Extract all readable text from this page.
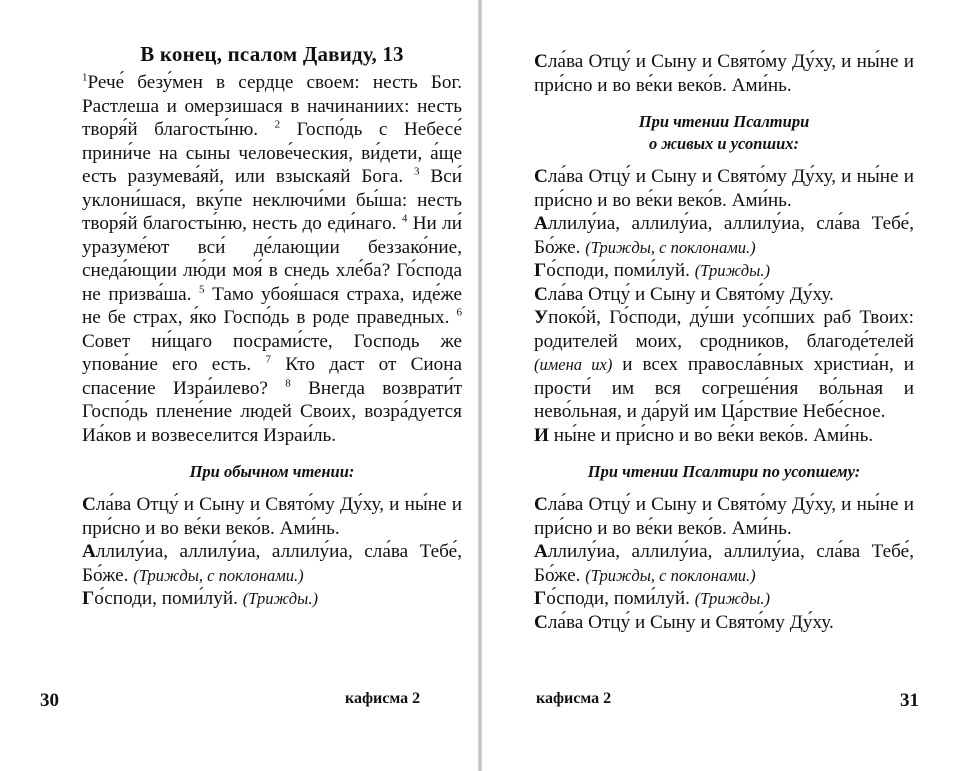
В конец, псалом Давиду, 13

$^1$Рече́ безу́мен в сердце своем: несть Бог. Растлеша и омерзишася в начинаниих: несть творя́й благосты́ню. $^2$ Госпо́дь с Небесе́ прини́че на сыны челове́ческия, ви́дети, а́ще есть разумева́яй, или взыскаяй Бога. $^3$ Вси́ уклони́шася, вку́пе неключи́ми бы́ша: несть творя́й благосты́ню, несть до еди́нагo. $^4$ Ни ли́ уразуме́ют вси́ де́лающии беззако́ние, снеда́ющии лю́ди моя́ в снедь хле́ба? Го́спода не призва́ша. $^5$ Тамо убоя́шася страха, иде́же не бе страх, я́ко Госпо́дь в роде праведных. $^6$ Совет ни́щаго посрами́сте, Господь же упова́ние его есть. $^7$ Кто даст от Сиона спасение Изра́илево? $^8$ Внегда возврати́т Госпо́дь плене́ние людей Своих, возра́дуется Иа́ков и возвеселится Израи́ль.

При обычном чтении:

Сла́ва Отцу́ и Сыну и Свято́му Ду́ху, и ны́не и при́сно и во ве́ки веко́в. Ами́нь.

Аллилу́иа, аллилу́иа, аллилу́иа, сла́ва Тебе́, Бо́же. (Трижды, с поклонами.)

Го́споди, поми́луй. (Трижды.)

30	кафисма 2

Сла́ва Отцу́ и Сыну и Свято́му Ду́ху, и ны́не и при́сно и во ве́ки веко́в. Ами́нь.

При чтении Псалтири
о живых и усопших:

Сла́ва Отцу́ и Сыну и Свято́му Ду́ху, и ны́не и при́сно и во ве́ки веко́в. Ами́нь.

Аллилу́иа, аллилу́иа, аллилу́иа, сла́ва Тебе́, Бо́же. (Трижды, с поклонами.)

Го́споди, поми́луй. (Трижды.)

Сла́ва Отцу́ и Сыну и Свято́му Ду́ху.

Упоко́й, Го́споди, ду́ши усо́пших раб Твоих: родителей моих, сродников, благоде́телей (имена их) и всех правосла́вных христиа́н, и прости́ им вся согреше́ния во́льная и нево́льная, и да́руй им Ца́рствие Небе́сное.

И ны́не и при́сно и во ве́ки веко́в. Ами́нь.

При чтении Псалтири по усопшему:

Сла́ва Отцу́ и Сыну и Свято́му Ду́ху, и ны́не и при́сно и во ве́ки веко́в. Ами́нь.

Аллилу́иа, аллилу́иа, аллилу́иа, сла́ва Тебе́, Бо́же. (Трижды, с поклонами.)

Го́споди, поми́луй. (Трижды.)

Сла́ва Отцу́ и Сыну и Свято́му Ду́ху.

кафисма 2	31
